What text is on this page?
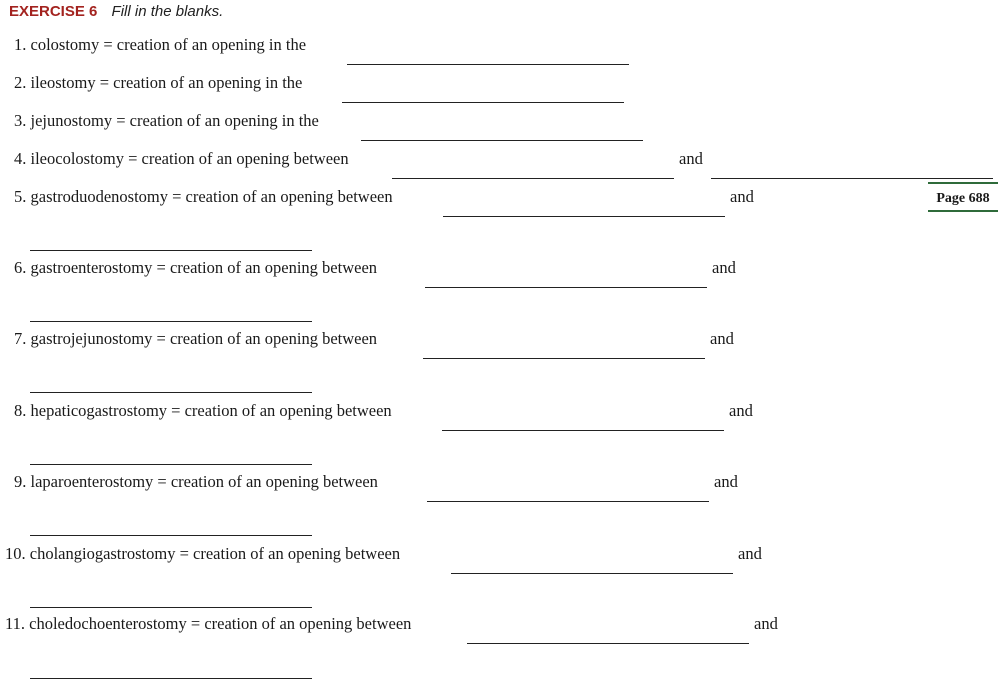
EXERCISE 6 Fill in the blanks.
Page 688
1. colostomy = creation of an opening in the
2. ileostomy = creation of an opening in the
3. jejunostomy = creation of an opening in the
4. ileocolostomy = creation of an opening between	and
5. gastroduodenostomy = creation of an opening between	and
6. gastroenterostomy = creation of an opening between	and
7. gastrojejunostomy = creation of an opening between	and
8. hepaticogastrostomy = creation of an opening between	and
9. laparoenterostomy = creation of an opening between	and
10. cholangiogastrostomy = creation of an opening between	and
11. choledochoenterostomy = creation of an opening between	and
